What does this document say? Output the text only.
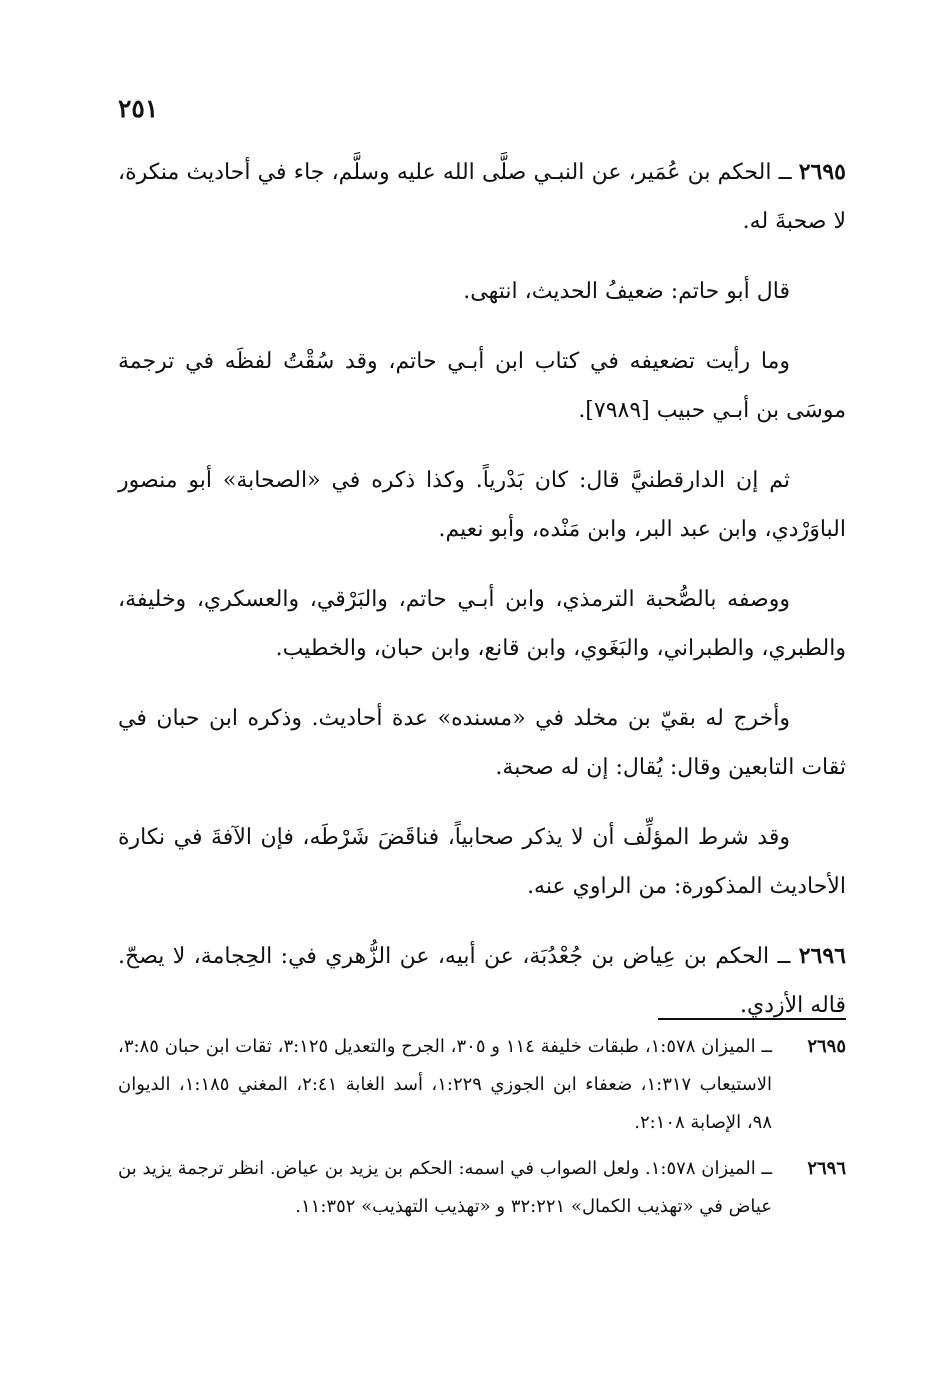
٢٥١

٢٦٩٥ ــ الحكم بن عُمَير، عن النبـي صلَّى الله عليه وسلَّم، جاء في أحاديث منكرة، لا صحبةَ له.

قال أبو حاتم: ضعيفُ الحديث، انتهى.

وما رأيت تضعيفه في كتاب ابن أبـي حاتم، وقد سُقْتُ لفظَه في ترجمة موسَى بن أبـي حبيب [٧٩٨٩].

ثم إن الدارقطنيَّ قال: كان بَدْرياً. وكذا ذكره في «الصحابة» أبو منصور الباوَرْدي، وابن عبد البر، وابن مَنْده، وأبو نعيم.

ووصفه بالصُّحبة الترمذي، وابن أبـي حاتم، والبَرْقي، والعسكري، وخليفة، والطبري، والطبراني، والبَغَوي، وابن قانع، وابن حبان، والخطيب.

وأخرج له بقيّ بن مخلد في «مسنده» عدة أحاديث. وذكره ابن حبان في ثقات التابعين وقال: يُقال: إن له صحبة.

وقد شرط المؤلِّف أن لا يذكر صحابياً، فناقَضَ شَرْطَه، فإن الآفةَ في نكارة الأحاديث المذكورة: من الراوي عنه.

٢٦٩٦ ــ الحكم بن عِياض بن جُعْدُبَة، عن أبيه، عن الزُّهري في: الحِجامة، لا يصحّ. قاله الأزدي.

٢٦٩٥
ــ الميزان ١:٥٧٨، طبقات خليفة ١١٤ و ٣٠٥، الجرح والتعديل ٣:١٢٥، ثقات ابن حبان ٣:٨٥، الاستيعاب ١:٣١٧، ضعفاء ابن الجوزي ١:٢٢٩، أسد الغابة ٢:٤١، المغني ١:١٨٥، الديوان ٩٨، الإصابة ٢:١٠٨.

٢٦٩٦
ــ الميزان ١:٥٧٨. ولعل الصواب في اسمه: الحكم بن يزيد بن عياض. انظر ترجمة يزيد بن عياض في «تهذيب الكمال» ٣٢:٢٢١ و «تهذيب التهذيب» ١١:٣٥٢.
